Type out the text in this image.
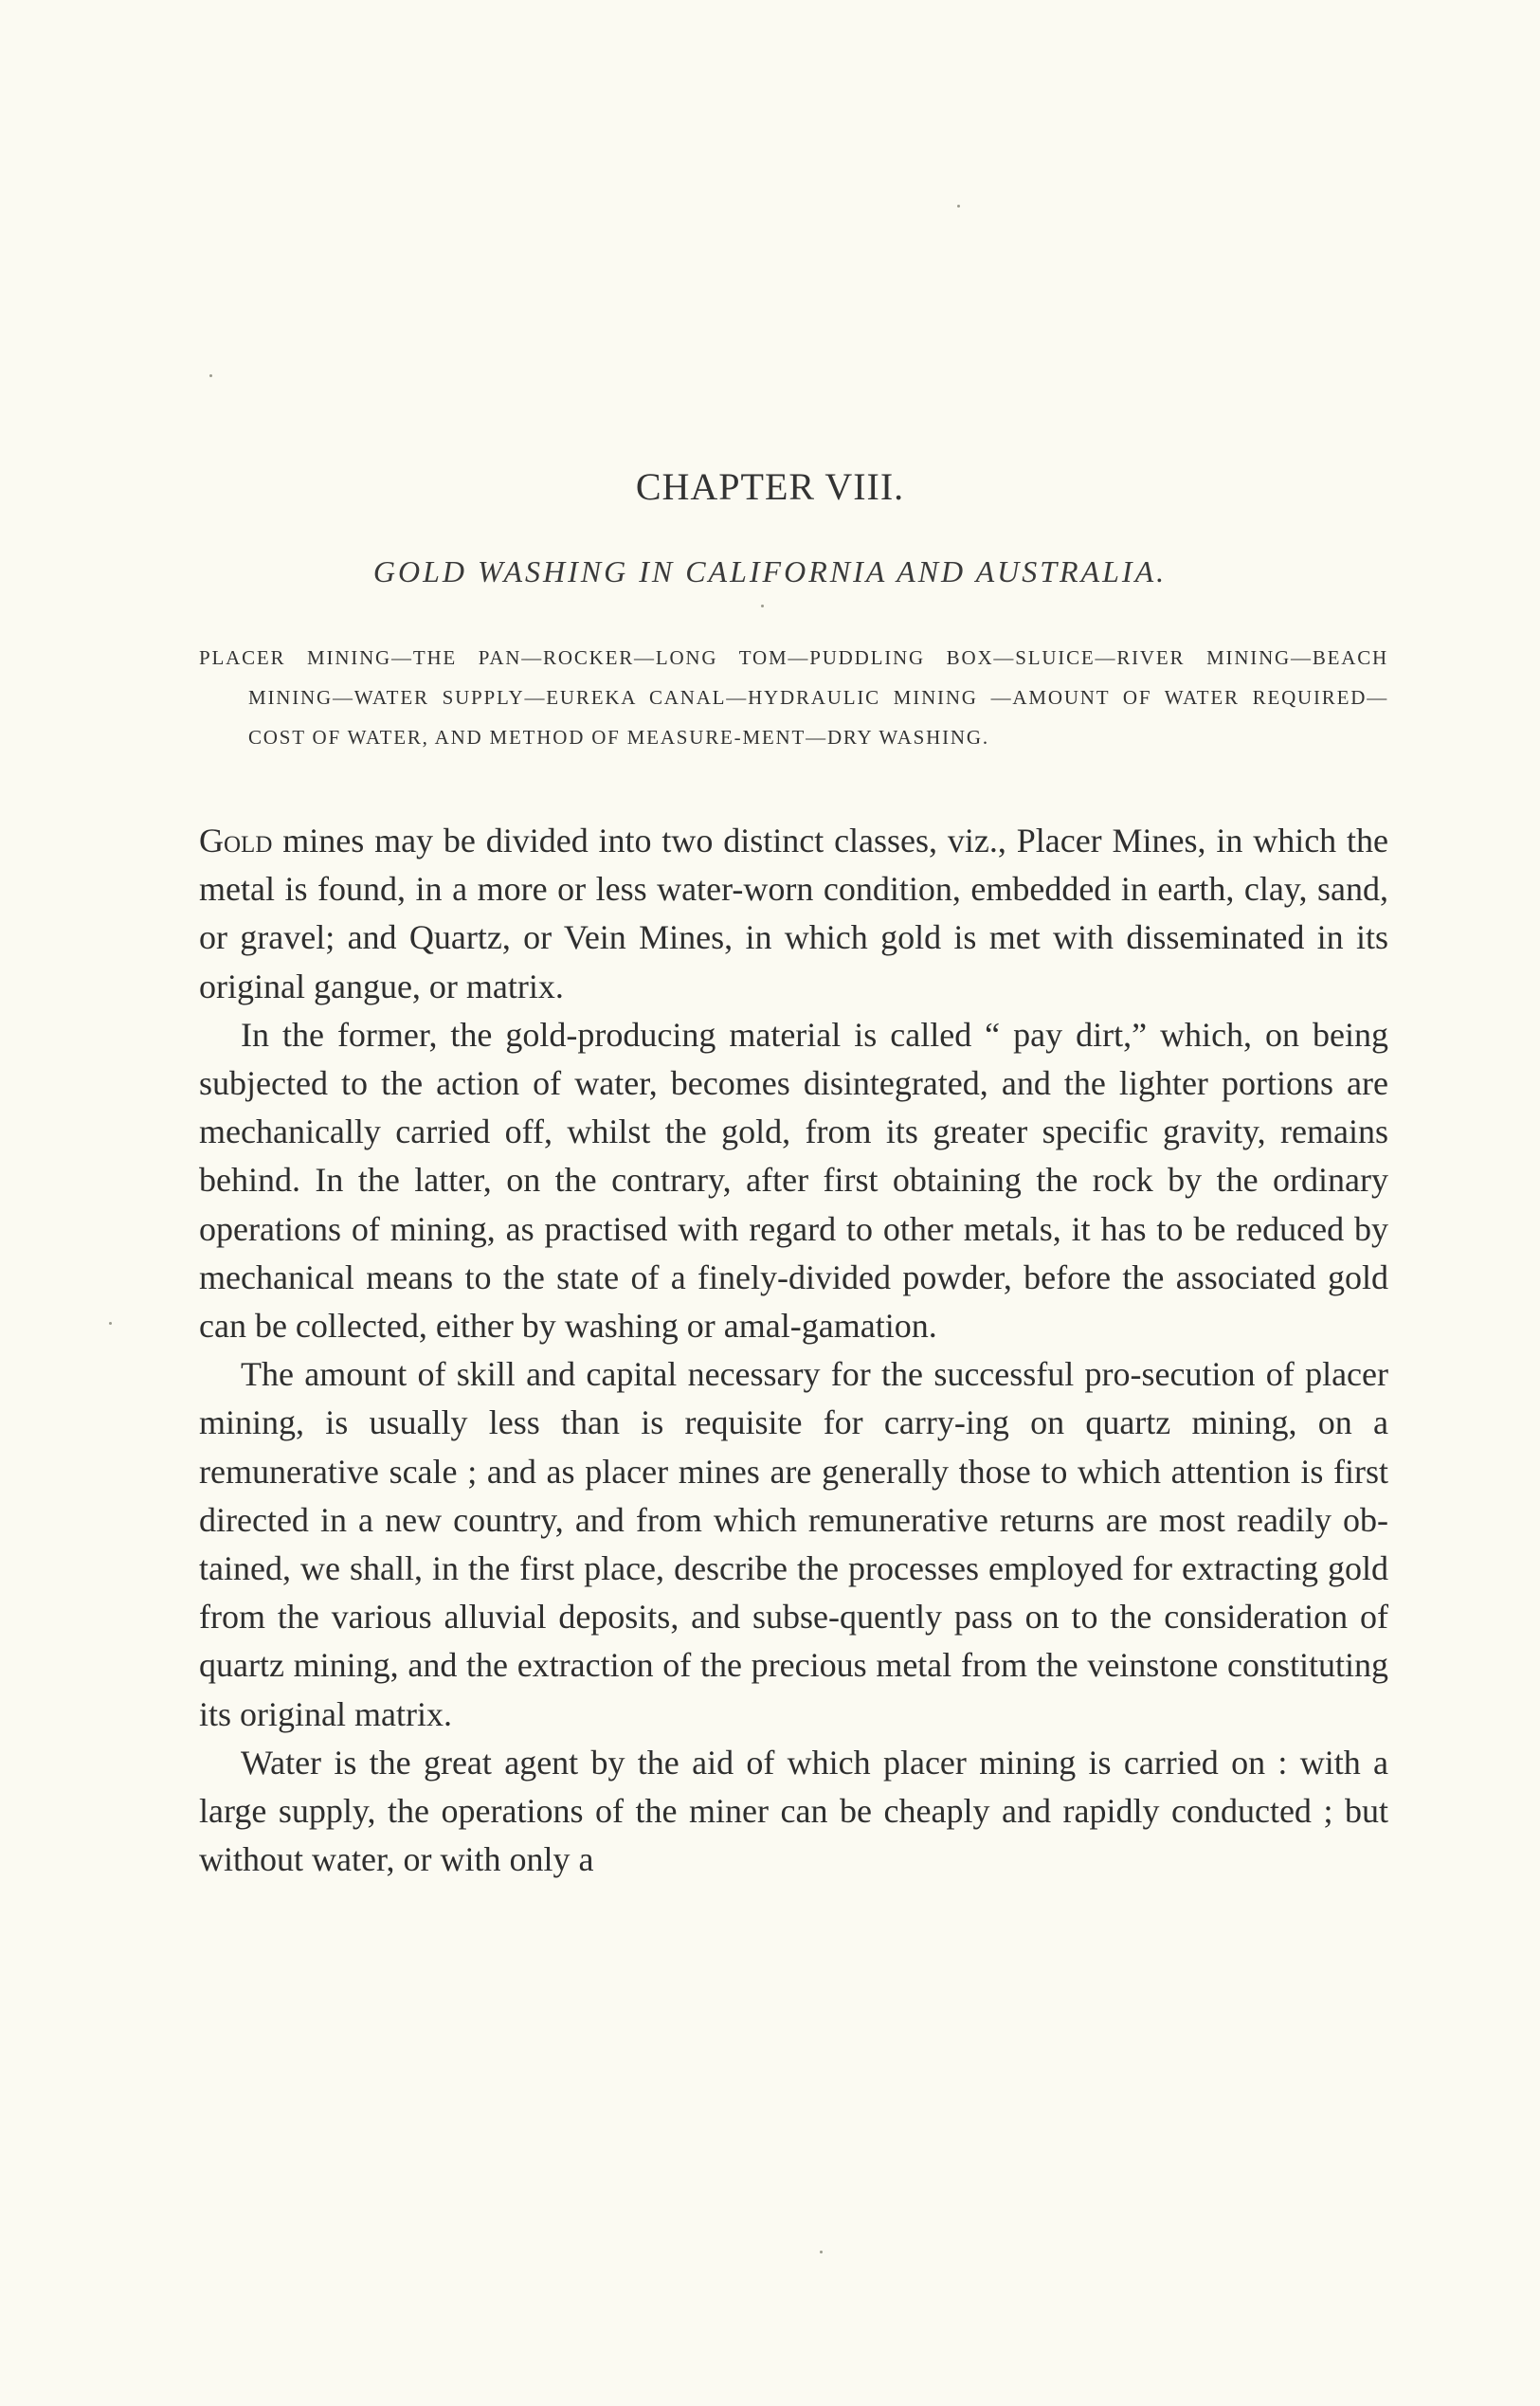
CHAPTER VIII.
GOLD WASHING IN CALIFORNIA AND AUSTRALIA.

PLACER MINING—THE PAN—ROCKER—LONG TOM—PUDDLING BOX—SLUICE—RIVER MINING—BEACH MINING—WATER SUPPLY—EUREKA CANAL—HYDRAULIC MINING —AMOUNT OF WATER REQUIRED—COST OF WATER, AND METHOD OF MEASURE-MENT—DRY WASHING.

Gold mines may be divided into two distinct classes, viz., Placer Mines, in which the metal is found, in a more or less water-worn condition, embedded in earth, clay, sand, or gravel; and Quartz, or Vein Mines, in which gold is met with disseminated in its original gangue, or matrix.

In the former, the gold-producing material is called “ pay dirt,” which, on being subjected to the action of water, becomes disintegrated, and the lighter portions are mechanically carried off, whilst the gold, from its greater specific gravity, remains behind. In the latter, on the contrary, after first obtaining the rock by the ordinary operations of mining, as practised with regard to other metals, it has to be reduced by mechanical means to the state of a finely-divided powder, before the associated gold can be collected, either by washing or amal-gamation.

The amount of skill and capital necessary for the successful pro-secution of placer mining, is usually less than is requisite for carry-ing on quartz mining, on a remunerative scale ; and as placer mines are generally those to which attention is first directed in a new country, and from which remunerative returns are most readily ob-tained, we shall, in the first place, describe the processes employed for extracting gold from the various alluvial deposits, and subse-quently pass on to the consideration of quartz mining, and the extraction of the precious metal from the veinstone constituting its original matrix.

Water is the great agent by the aid of which placer mining is carried on : with a large supply, the operations of the miner can be cheaply and rapidly conducted ; but without water, or with only a
